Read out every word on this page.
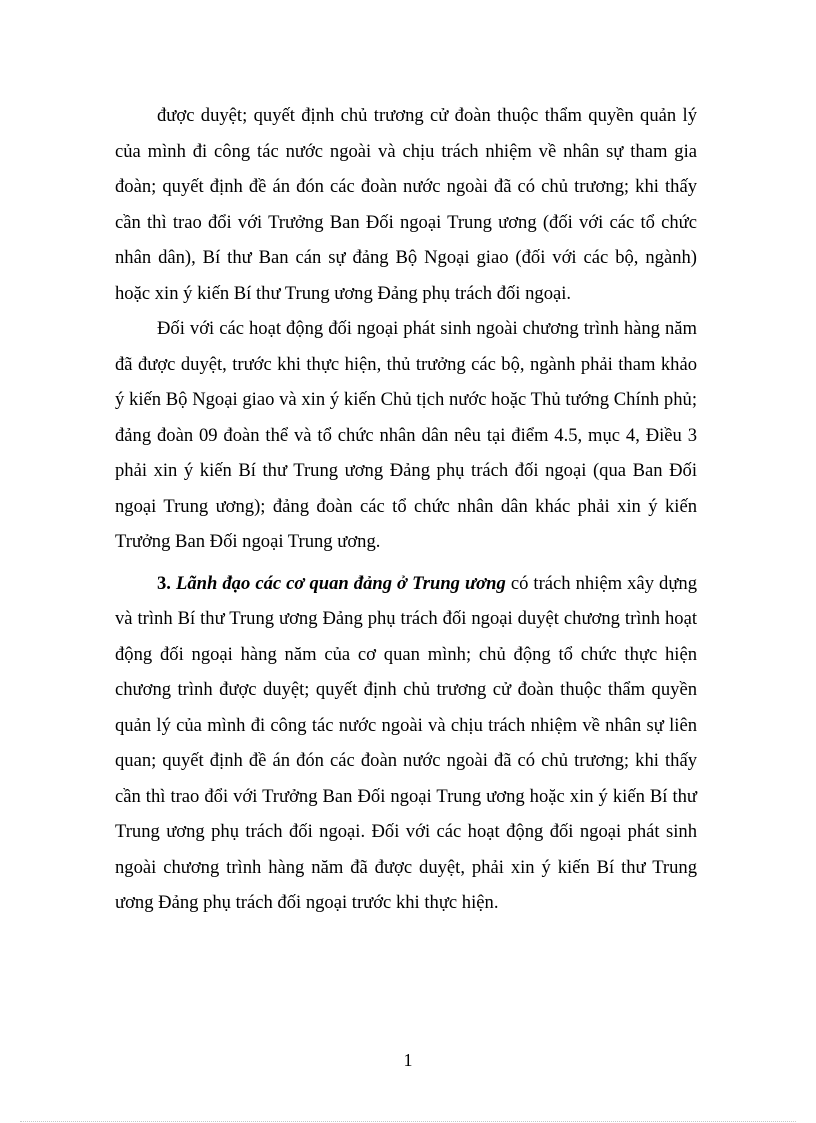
được duyệt; quyết định chủ trương cử đoàn thuộc thẩm quyền quản lý của mình đi công tác nước ngoài và chịu trách nhiệm về nhân sự tham gia đoàn; quyết định đề án đón các đoàn nước ngoài đã có chủ trương; khi thấy cần thì trao đổi với Trưởng Ban Đối ngoại Trung ương (đối với các tổ chức nhân dân), Bí thư Ban cán sự đảng Bộ Ngoại giao (đối với các bộ, ngành) hoặc xin ý kiến Bí thư Trung ương Đảng phụ trách đối ngoại.

Đối với các hoạt động đối ngoại phát sinh ngoài chương trình hàng năm đã được duyệt, trước khi thực hiện, thủ trưởng các bộ, ngành phải tham khảo ý kiến Bộ Ngoại giao và xin ý kiến Chủ tịch nước hoặc Thủ tướng Chính phủ; đảng đoàn 09 đoàn thể và tổ chức nhân dân nêu tại điểm 4.5, mục 4, Điều 3 phải xin ý kiến Bí thư Trung ương Đảng phụ trách đối ngoại (qua Ban Đối ngoại Trung ương); đảng đoàn các tổ chức nhân dân khác phải xin ý kiến Trưởng Ban Đối ngoại Trung ương.

3. Lãnh đạo các cơ quan đảng ở Trung ương có trách nhiệm xây dựng và trình Bí thư Trung ương Đảng phụ trách đối ngoại duyệt chương trình hoạt động đối ngoại hàng năm của cơ quan mình; chủ động tổ chức thực hiện chương trình được duyệt; quyết định chủ trương cử đoàn thuộc thẩm quyền quản lý của mình đi công tác nước ngoài và chịu trách nhiệm về nhân sự liên quan; quyết định đề án đón các đoàn nước ngoài đã có chủ trương; khi thấy cần thì trao đổi với Trưởng Ban Đối ngoại Trung ương hoặc xin ý kiến Bí thư Trung ương phụ trách đối ngoại. Đối với các hoạt động đối ngoại phát sinh ngoài chương trình hàng năm đã được duyệt, phải xin ý kiến Bí thư Trung ương Đảng phụ trách đối ngoại trước khi thực hiện.

1
